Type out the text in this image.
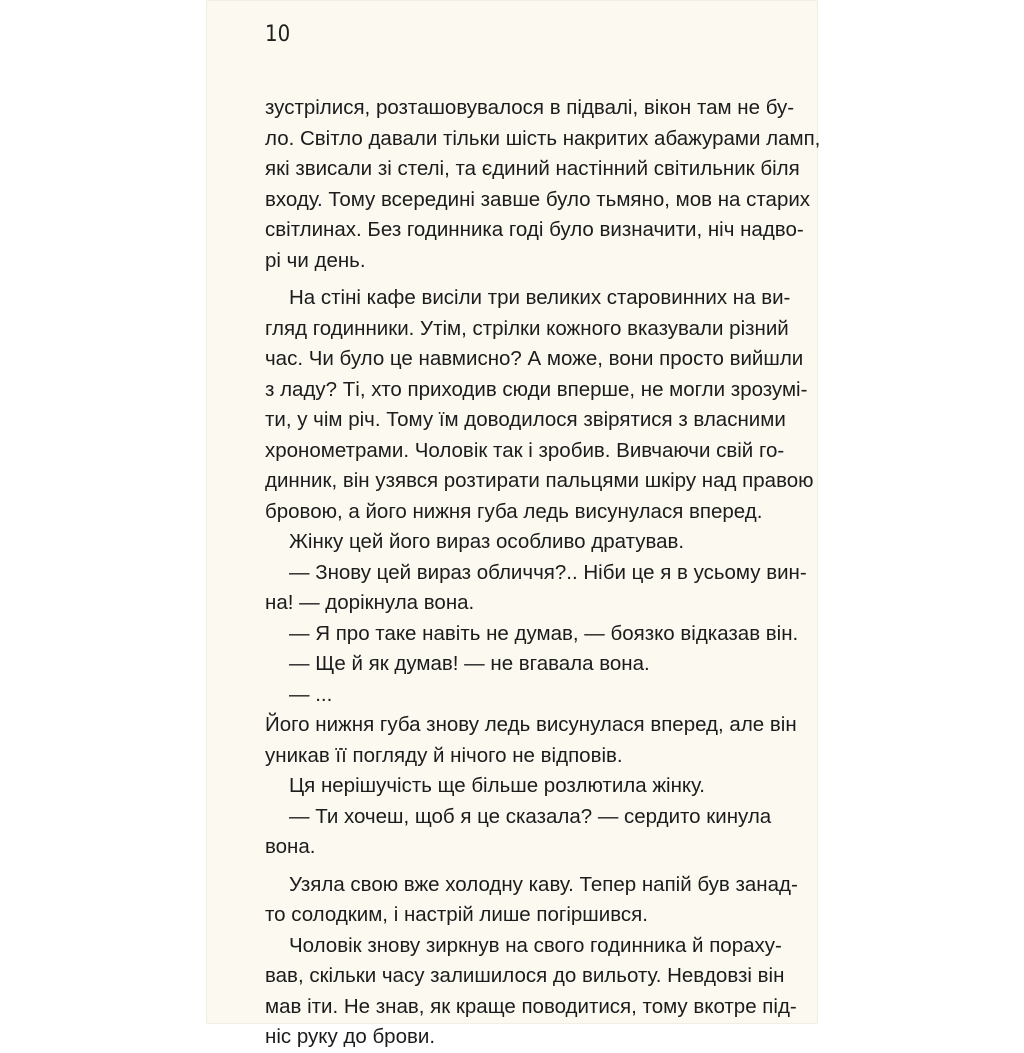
10
зустрілися, розташовувалося в підвалі, вікон там не бу-
ло. Світло давали тільки шість накритих абажурами ламп,
які звисали зі стелі, та єдиний настінний світильник біля
входу. Тому всередині завше було тьмяно, мов на старих
світлинах. Без годинника годі було визначити, ніч надво-
рі чи день.
На стіні кафе висіли три великих старовинних на ви-
гляд годинники. Утім, стрілки кожного вказували різний
час. Чи було це навмисно? А може, вони просто вийшли
з ладу? Ті, хто приходив сюди вперше, не могли зрозумі-
ти, у чім річ. Тому їм доводилося звірятися з власними
хронометрами. Чоловік так і зробив. Вивчаючи свій го-
динник, він узявся розтирати пальцями шкіру над правою
бровою, а його нижня губа ледь висунулася вперед.
Жінку цей його вираз особливо дратував.
— Знову цей вираз обличчя?.. Ніби це я в усьому вин-
на! — дорікнула вона.
— Я про таке навіть не думав, — боязко відказав він.
— Ще й як думав! — не вгавала вона.
— ...
Його нижня губа знову ледь висунулася вперед, але він
уникав її погляду й нічого не відповів.
Ця нерішучість ще більше розлютила жінку.
— Ти хочеш, щоб я це сказала? — сердито кинула
вона.
Узяла свою вже холодну каву. Тепер напій був занад-
то солодким, і настрій лише погіршився.
Чоловік знову зиркнув на свого годинника й пораху-
вав, скільки часу залишилося до вильоту. Невдовзі він
мав іти. Не знав, як краще поводитися, тому вкотре під-
ніс руку до брови.
